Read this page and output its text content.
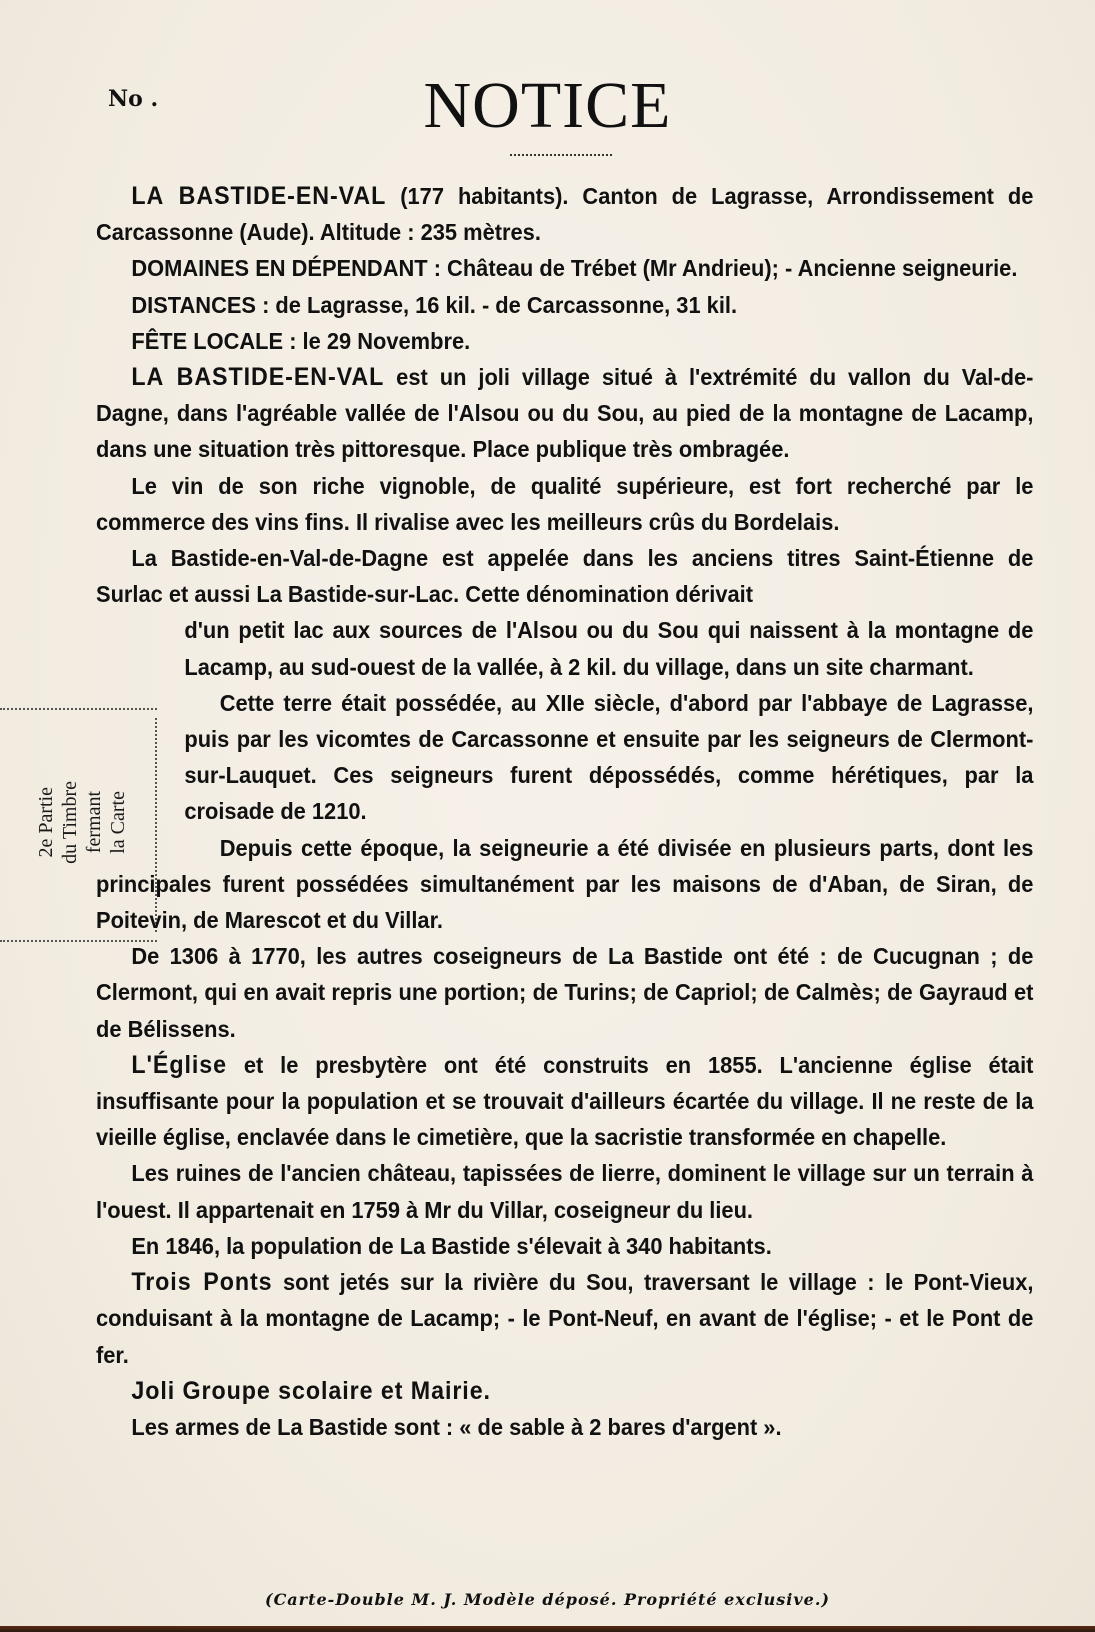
No .	NOTICE
2e Partie du Timbre fermant la Carte

LA BASTIDE-EN-VAL (177 habitants). Canton de Lagrasse, Arrondissement de Carcassonne (Aude). Altitude : 235 mètres.

DOMAINES EN DÉPENDANT : Château de Trébet (Mr Andrieu); - Ancienne seigneurie.

DISTANCES : de Lagrasse, 16 kil. - de Carcassonne, 31 kil.

FÊTE LOCALE : le 29 Novembre.

LA BASTIDE-EN-VAL est un joli village situé à l'extrémité du vallon du Val-de-Dagne, dans l'agréable vallée de l'Alsou ou du Sou, au pied de la montagne de Lacamp, dans une situation très pittoresque. Place publique très ombragée.

Le vin de son riche vignoble, de qualité supérieure, est fort recherché par le commerce des vins fins. Il rivalise avec les meilleurs crûs du Bordelais.

La Bastide-en-Val-de-Dagne est appelée dans les anciens titres Saint-Étienne de Surlac et aussi La Bastide-sur-Lac. Cette dénomination dérivait

d'un petit lac aux sources de l'Alsou ou du Sou qui naissent à la montagne de Lacamp, au sud-ouest de la vallée, à 2 kil. du village, dans un site charmant.

Cette terre était possédée, au XIIe siècle, d'abord par l'abbaye de Lagrasse, puis par les vicomtes de Carcassonne et ensuite par les seigneurs de Clermont-sur-Lauquet. Ces seigneurs furent dépossédés, comme hérétiques, par la croisade de 1210.

Depuis cette époque, la seigneurie a été divisée en plusieurs parts, dont les principales furent possédées simultanément par les maisons de d'Aban, de Siran, de Poitevin, de Marescot et du Villar.

De 1306 à 1770, les autres coseigneurs de La Bastide ont été : de Cucugnan ; de Clermont, qui en avait repris une portion; de Turins; de Capriol; de Calmès; de Gayraud et de Bélissens.

L'Église et le presbytère ont été construits en 1855. L'ancienne église était insuffisante pour la population et se trouvait d'ailleurs écartée du village. Il ne reste de la vieille église, enclavée dans le cimetière, que la sacristie transformée en chapelle.

Les ruines de l'ancien château, tapissées de lierre, dominent le village sur un terrain à l'ouest. Il appartenait en 1759 à Mr du Villar, coseigneur du lieu.

En 1846, la population de La Bastide s'élevait à 340 habitants.

Trois Ponts sont jetés sur la rivière du Sou, traversant le village : le Pont-Vieux, conduisant à la montagne de Lacamp; - le Pont-Neuf, en avant de l'église; - et le Pont de fer.

Joli Groupe scolaire et Mairie.

Les armes de La Bastide sont : « de sable à 2 bares d'argent ».

(Carte-Double M. J. Modèle déposé. Propriété exclusive.)
